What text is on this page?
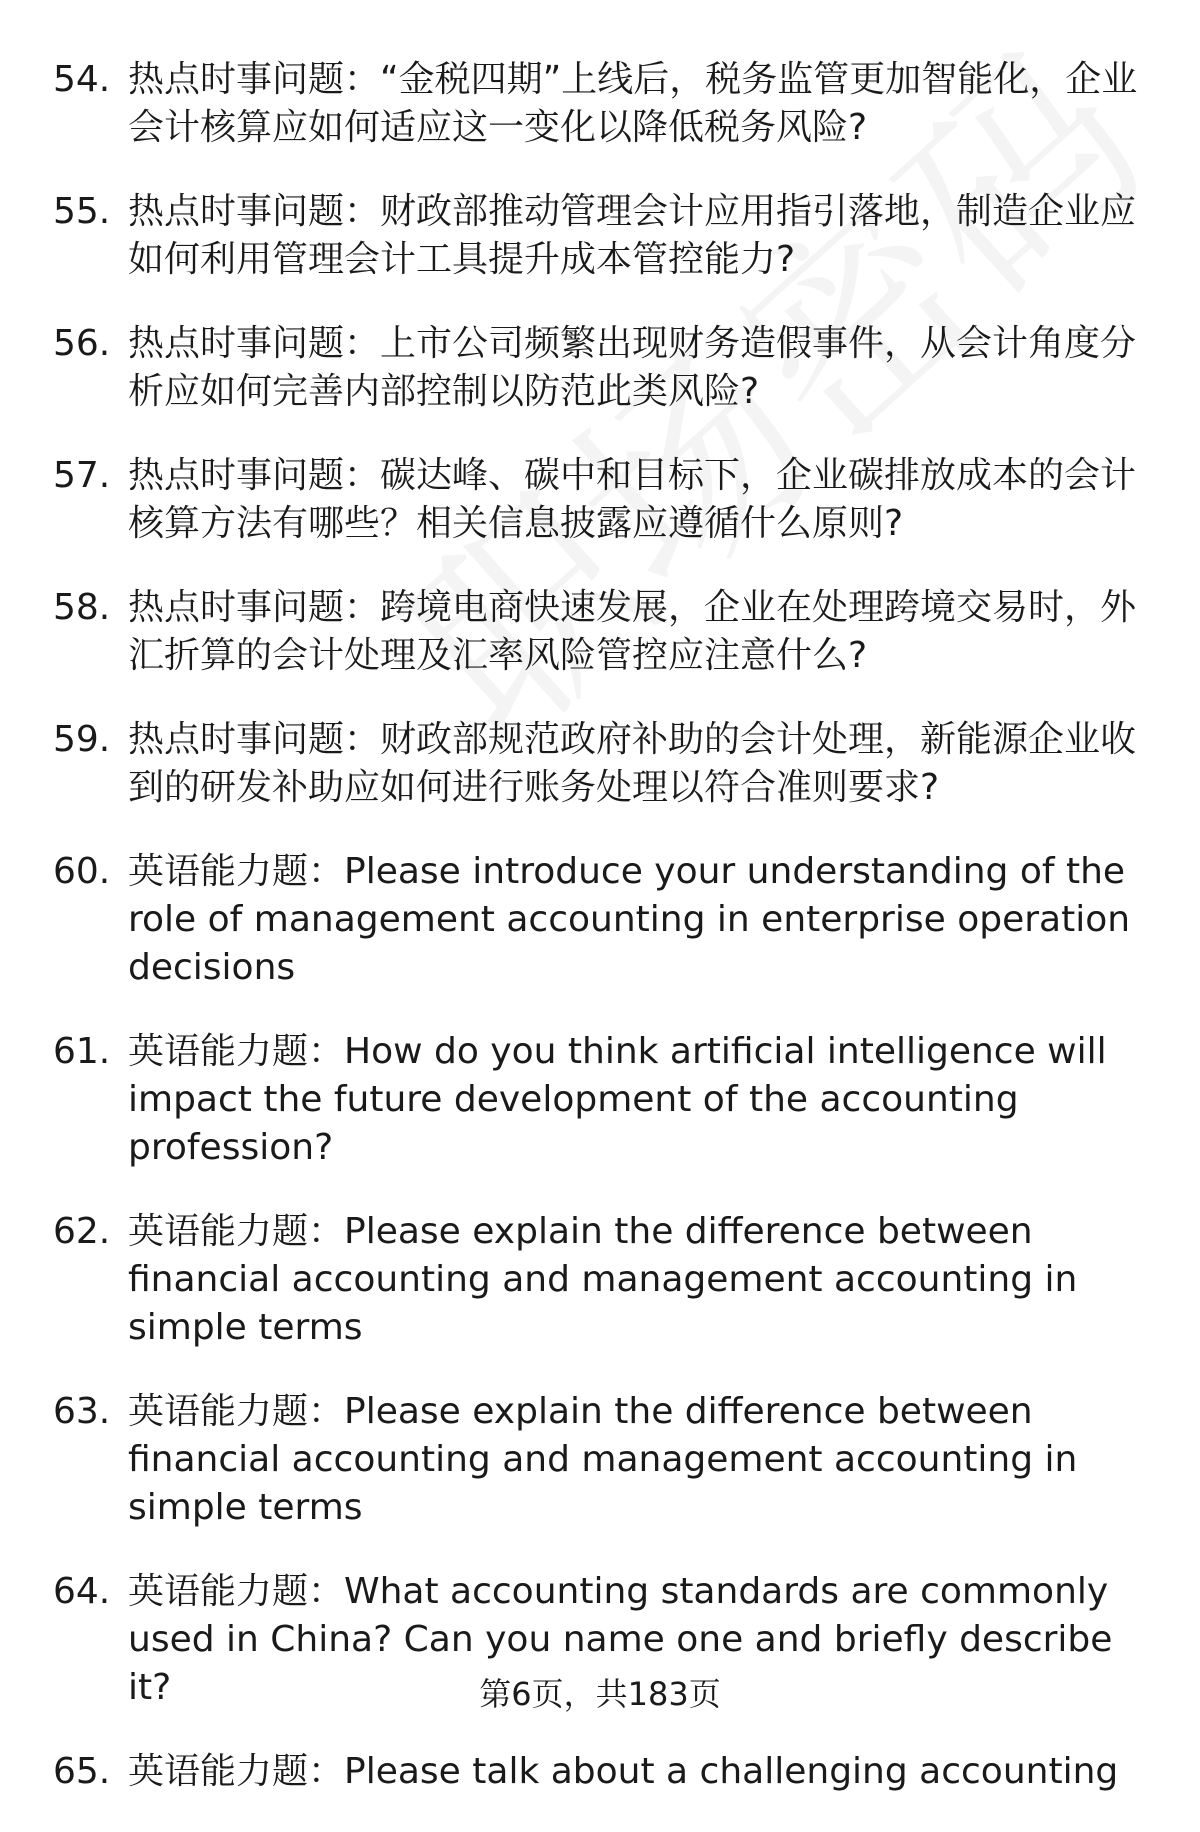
54. 热点时事问题：“金税四期”上线后，税务监管更加智能化，企业会计核算应如何适应这一变化以降低税务风险?
55. 热点时事问题：财政部推动管理会计应用指引落地，制造企业应如何利用管理会计工具提升成本管控能力?
56. 热点时事问题：上市公司频繁出现财务造假事件，从会计角度分析应如何完善内部控制以防范此类风险?
57. 热点时事问题：碳达峰、碳中和目标下，企业碳排放成本的会计核算方法有哪些？相关信息披露应遵循什么原则?
58. 热点时事问题：跨境电商快速发展，企业在处理跨境交易时，外汇折算的会计处理及汇率风险管控应注意什么?
59. 热点时事问题：财政部规范政府补助的会计处理，新能源企业收到的研发补助应如何进行账务处理以符合准则要求?
60. 英语能力题：Please introduce your understanding of the role of management accounting in enterprise operation decisions
61. 英语能力题：How do you think artificial intelligence will impact the future development of the accounting profession?
62. 英语能力题：Please explain the difference between financial accounting and management accounting in simple terms
63. 英语能力题：Please explain the difference between financial accounting and management accounting in simple terms
64. 英语能力题：What accounting standards are commonly used in China? Can you name one and briefly describe it?
65. 英语能力题：Please talk about a challenging accounting
第6页，共183页
